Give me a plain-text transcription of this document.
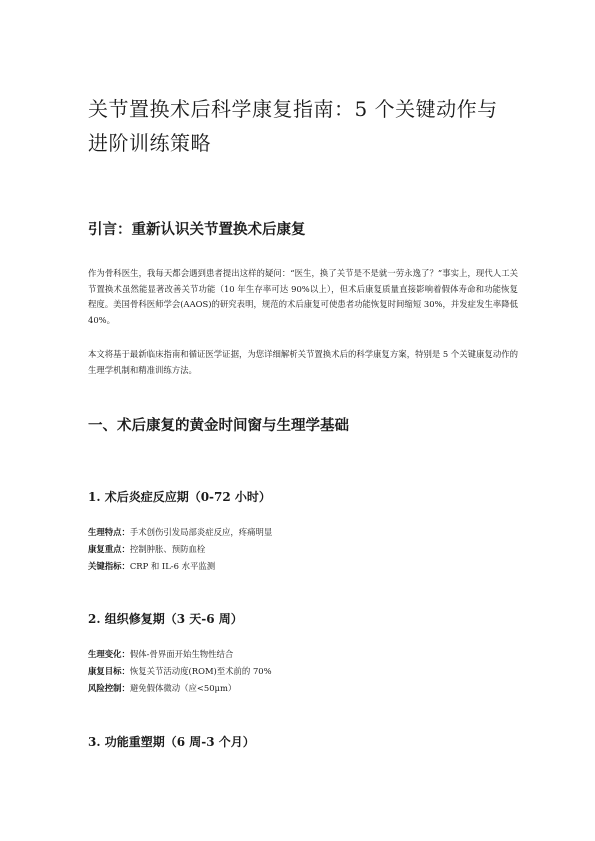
关节置换术后科学康复指南：5 个关键动作与进阶训练策略
引言：重新认识关节置换术后康复

作为骨科医生，我每天都会遇到患者提出这样的疑问：“医生，换了关节是不是就一劳永逸了？”事实上，现代人工关节置换术虽然能显著改善关节功能（10 年生存率可达 90%以上），但术后康复质量直接影响着假体寿命和功能恢复程度。美国骨科医师学会(AAOS)的研究表明，规范的术后康复可使患者功能恢复时间缩短 30%，并发症发生率降低 40%。

本文将基于最新临床指南和循证医学证据，为您详细解析关节置换术后的科学康复方案，特别是 5 个关键康复动作的生理学机制和精准训练方法。

一、术后康复的黄金时间窗与生理学基础
1. 术后炎症反应期（0-72 小时）
生理特点：手术创伤引发局部炎症反应，疼痛明显
康复重点：控制肿胀、预防血栓
关键指标：CRP 和 IL-6 水平监测
2. 组织修复期（3 天-6 周）
生理变化：假体-骨界面开始生物性结合
康复目标：恢复关节活动度(ROM)至术前的 70%
风险控制：避免假体微动（应<50μm）
3. 功能重塑期（6 周-3 个月）
